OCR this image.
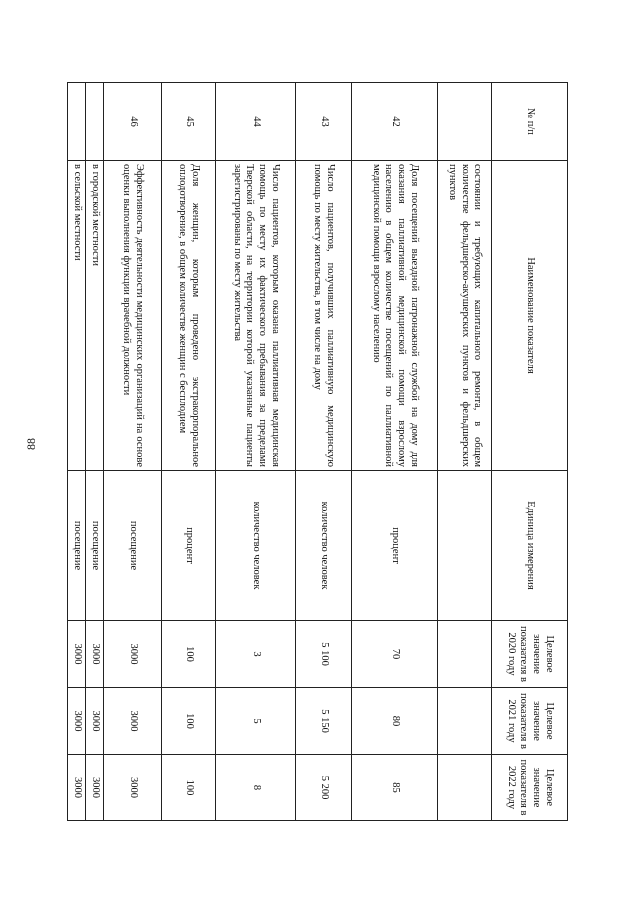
88
№ п/п	Наименование показателя	Единица измерения	Целевое значение показателя в 2020 году	Целевое значение показателя в 2021 году	Целевое значение показателя в 2022 году
	состоянии и требующих капитального ремонта, в общем количестве фельдшерско-акушерских пунктов и фельдшерских пунктов				
42	Доля посещений выездной патронажной службой на дому для оказания паллиативной медицинской помощи взрослому населению в общем количестве посещений по паллиативной медицинской помощи взрослому населению	процент	70	80	85
43	Число пациентов, получивших паллиативную медицинскую помощь по месту жительства, в том числе на дому	количество человек	5 100	5 150	5 200
44	Число пациентов, которым оказана паллиативная медицинская помощь по месту их фактического пребывания за пределами Тверской области, на территории которой указанные пациенты зарегистрированы по месту жительства	количество человек	3	5	8
45	Доля женщин, которым проведено экстракорпоральное оплодотворение, в общем количестве женщин с бесплодием	процент	100	100	100
46	Эффективность деятельности медицинских организаций на основе оценки выполнения функции врачебной должности	посещение	3000	3000	3000
	в городской местности	посещение	3000	3000	3000
	в сельской местности	посещение	3000	3000	3000
